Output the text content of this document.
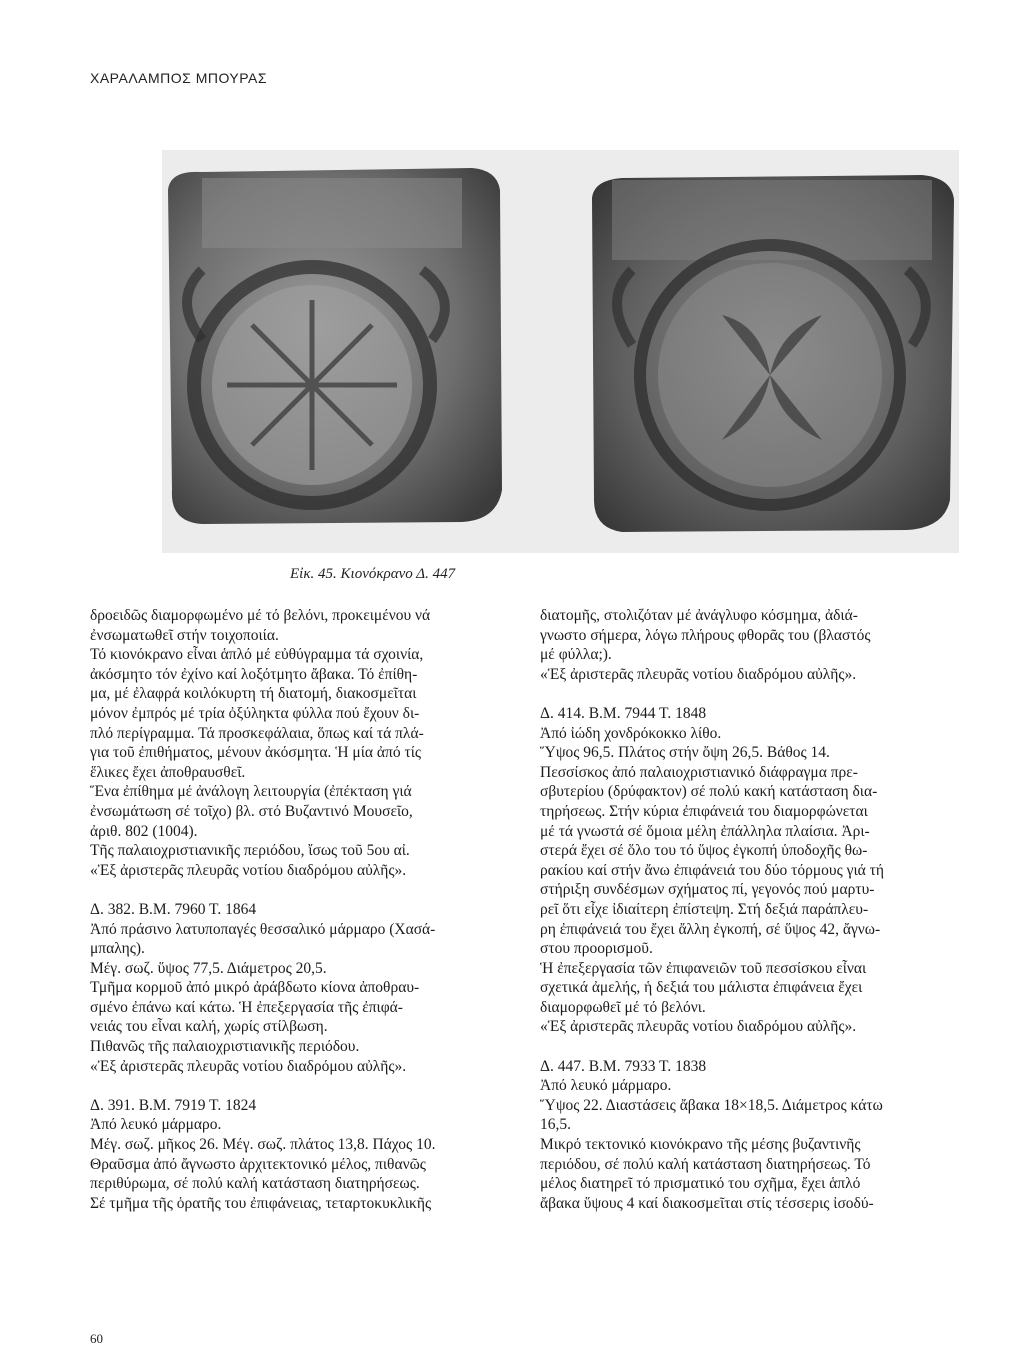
ΧΑΡΑΛΑΜΠΟΣ ΜΠΟΥΡΑΣ
Εἰκ. 45. Κιονόκρανο Δ. 447

δροειδῶς διαμορφωμένο μέ τό βελόνι, προκειμένου νά

ἐνσωματωθεῖ στήν τοιχοποιία.

Τό κιονόκρανο εἶναι ἁπλό μέ εὐθύγραμμα τά σχοινία,

ἀκόσμητο τόν ἐχίνο καί λοξότμητο ἄβακα. Τό ἐπίθη-

μα, μέ ἐλαφρά κοιλόκυρτη τή διατομή, διακοσμεῖται

μόνον ἐμπρός μέ τρία ὀξύληκτα φύλλα πού ἔχουν δι-

πλό περίγραμμα. Τά προσκεφάλαια, ὅπως καί τά πλά-

για τοῦ ἐπιθήματος, μένουν ἀκόσμητα. Ἡ μία ἀπό τίς

ἕλικες ἔχει ἀποθραυσθεῖ.

Ἕνα ἐπίθημα μέ ἀνάλογη λειτουργία (ἐπέκταση γιά

ἐνσωμάτωση σέ τοῖχο) βλ. στό Βυζαντινό Μουσεῖο,

ἀριθ. 802 (1004).

Τῆς παλαιοχριστιανικῆς περιόδου, ἴσως τοῦ 5ου αἰ.

«Ἐξ ἀριστερᾶς πλευρᾶς νοτίου διαδρόμου αὐλῆς».

Δ. 382. Β.Μ. 7960 Τ. 1864

Ἀπό πράσινο λατυποπαγές θεσσαλικό μάρμαρο (Χασά-

μπαλης).

Μέγ. σωζ. ὕψος 77,5. Διάμετρος 20,5.

Τμῆμα κορμοῦ ἀπό μικρό ἀράβδωτο κίονα ἀποθραυ-

σμένο ἐπάνω καί κάτω. Ἡ ἐπεξεργασία τῆς ἐπιφά-

νειάς του εἶναι καλή, χωρίς στίλβωση.

Πιθανῶς τῆς παλαιοχριστιανικῆς περιόδου.

«Ἐξ ἀριστερᾶς πλευρᾶς νοτίου διαδρόμου αὐλῆς».

Δ. 391. Β.Μ. 7919 Τ. 1824

Ἀπό λευκό μάρμαρο.

Μέγ. σωζ. μῆκος 26. Μέγ. σωζ. πλάτος 13,8. Πάχος 10.

Θραῦσμα ἀπό ἄγνωστο ἀρχιτεκτονικό μέλος, πιθανῶς

περιθύρωμα, σέ πολύ καλή κατάσταση διατηρήσεως.

Σέ τμῆμα τῆς ὁρατῆς του ἐπιφάνειας, τεταρτοκυκλικῆς

διατομῆς, στολιζόταν μέ ἀνάγλυφο κόσμημα, ἀδιά-

γνωστο σήμερα, λόγω πλήρους φθορᾶς του (βλαστός

μέ φύλλα;).

«Ἐξ ἀριστερᾶς πλευρᾶς νοτίου διαδρόμου αὐλῆς».

Δ. 414. Β.Μ. 7944 Τ. 1848

Ἀπό ἰώδη χονδρόκοκκο λίθο.

Ὕψος 96,5. Πλάτος στήν ὄψη 26,5. Βάθος 14.

Πεσσίσκος ἀπό παλαιοχριστιανικό διάφραγμα πρε-

σβυτερίου (δρύφακτον) σέ πολύ κακή κατάσταση δια-

τηρήσεως. Στήν κύρια ἐπιφάνειά του διαμορφώνεται

μέ τά γνωστά σέ ὅμοια μέλη ἐπάλληλα πλαίσια. Ἀρι-

στερά ἔχει σέ ὅλο του τό ὕψος ἐγκοπή ὑποδοχῆς θω-

ρακίου καί στήν ἄνω ἐπιφάνειά του δύο τόρμους γιά τή

στήριξη συνδέσμων σχήματος πί, γεγονός πού μαρτυ-

ρεῖ ὅτι εἶχε ἰδιαίτερη ἐπίστεψη. Στή δεξιά παράπλευ-

ρη ἐπιφάνειά του ἔχει ἄλλη ἐγκοπή, σέ ὕψος 42, ἄγνω-

στου προορισμοῦ.

Ἡ ἐπεξεργασία τῶν ἐπιφανειῶν τοῦ πεσσίσκου εἶναι

σχετικά ἀμελής, ἡ δεξιά του μάλιστα ἐπιφάνεια ἔχει

διαμορφωθεῖ μέ τό βελόνι.

«Ἐξ ἀριστερᾶς πλευρᾶς νοτίου διαδρόμου αὐλῆς».

Δ. 447. Β.Μ. 7933 Τ. 1838

Ἀπό λευκό μάρμαρο.

Ὕψος 22. Διαστάσεις ἄβακα 18×18,5. Διάμετρος κάτω

16,5.

Μικρό τεκτονικό κιονόκρανο τῆς μέσης βυζαντινῆς

περιόδου, σέ πολύ καλή κατάσταση διατηρήσεως. Τό

μέλος διατηρεῖ τό πρισματικό του σχῆμα, ἔχει ἁπλό

ἄβακα ὕψους 4 καί διακοσμεῖται στίς τέσσερις ἰσοδύ-

60
